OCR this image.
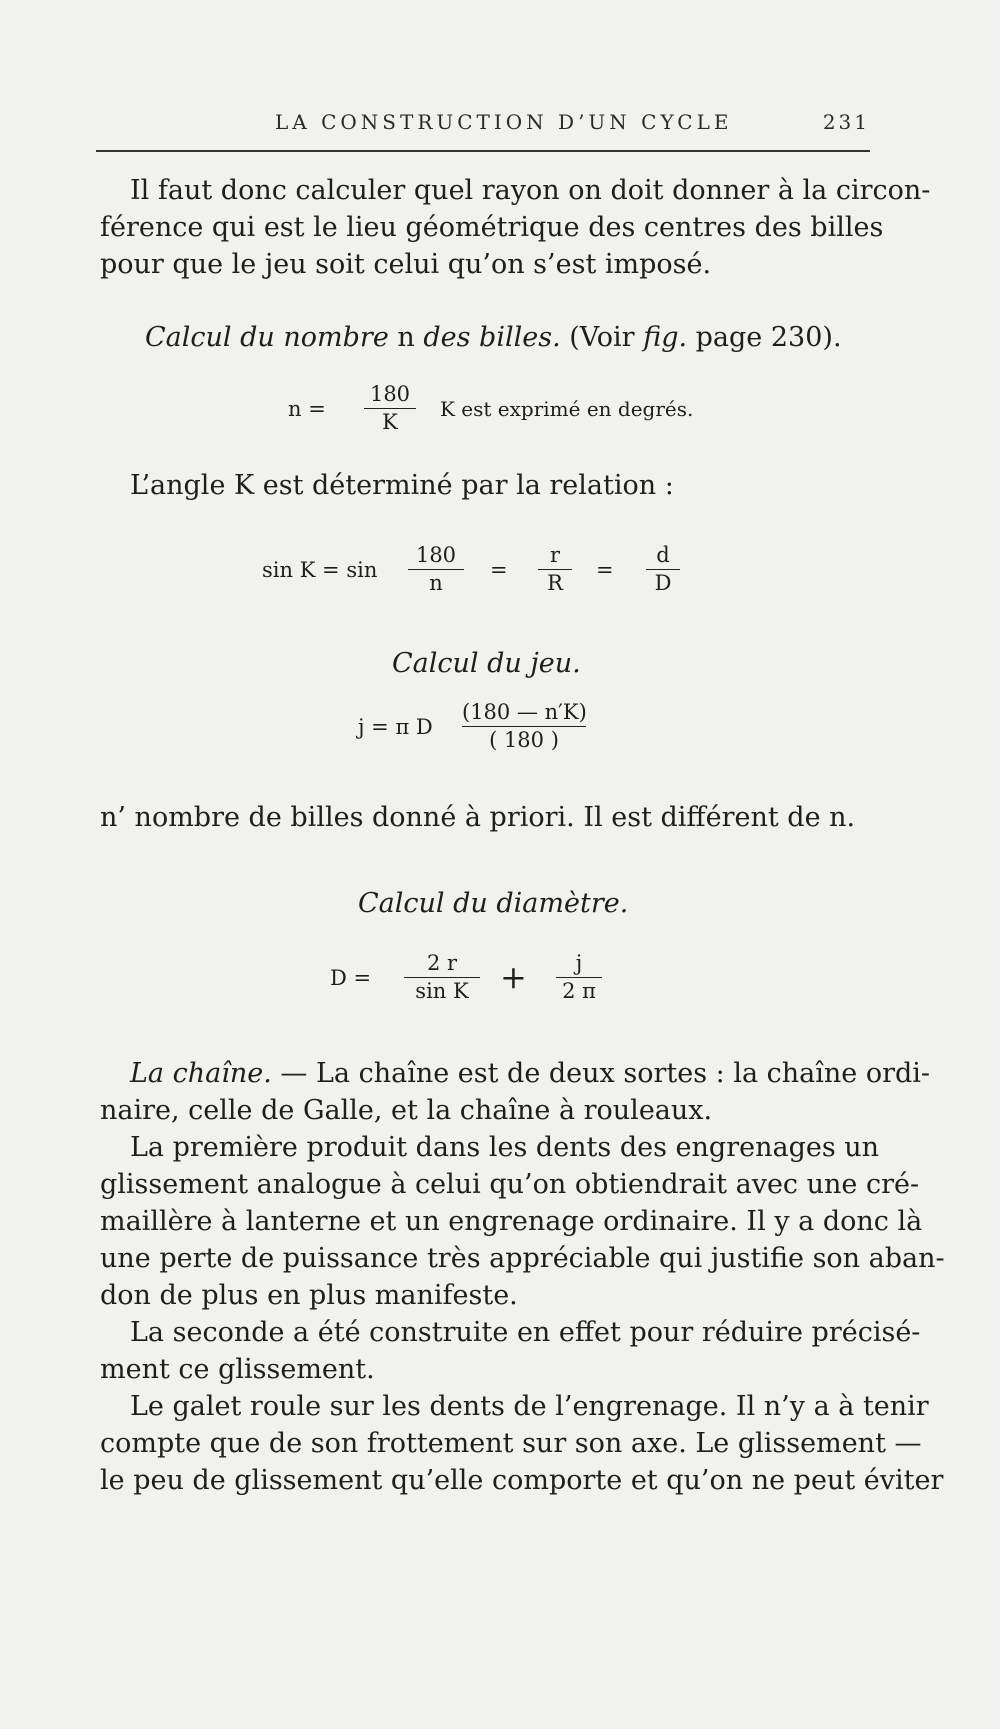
LA CONSTRUCTION D’UN CYCLE	231
Il faut donc calculer quel rayon on doit donner à la circon-
férence qui est le lieu géométrique des centres des billes
pour que le jeu soit celui qu’on s’est imposé.
Calcul du nombre n des billes. (Voir fig. page 230).
n =
180
K
K est exprimé en degrés.
L’angle K est déterminé par la relation :
sin K = sin
180
n
=
r
R
=
d
D
Calcul du jeu.
j = π D
(180 — n′K)
( 180 )
n’ nombre de billes donné à priori. Il est différent de n.
Calcul du diamètre.
D =
2 r
sin K +	j
2 π
La chaîne. — La chaîne est de deux sortes : la chaîne ordi-
naire, celle de Galle, et la chaîne à rouleaux.
La première produit dans les dents des engrenages un
glissement analogue à celui qu’on obtiendrait avec une cré-
maillère à lanterne et un engrenage ordinaire. Il y a donc là
une perte de puissance très appréciable qui justifie son aban-
don de plus en plus manifeste.
La seconde a été construite en effet pour réduire précisé-
ment ce glissement.
Le galet roule sur les dents de l’engrenage. Il n’y a à tenir
compte que de son frottement sur son axe. Le glissement —
le peu de glissement qu’elle comporte et qu’on ne peut éviter
